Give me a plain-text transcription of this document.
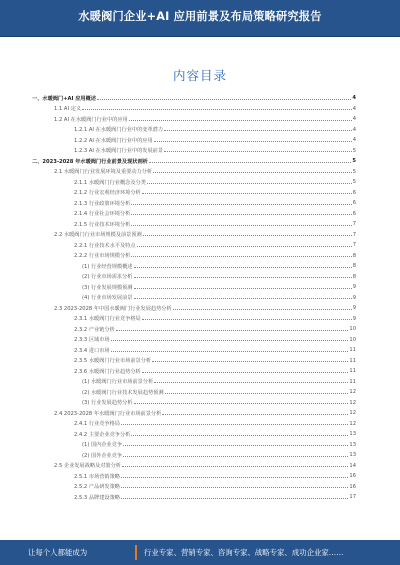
水暖阀门企业+AI 应用前景及布局策略研究报告
内容目录
一、水暖阀门+AI 应用概述	4
1.1 AI 定义	4
1.2 AI 在水暖阀门行业中的应用	4
1.2.1 AI 在水暖阀门行业中的变革潜力	4
1.2.2 AI 在水暖阀门行业中的应用	4
1.2.3 AI 在水暖阀门行业中的发展前景	5
二、2023-2028 年水暖阀门行业前景及现状剖析	5
2.1 水暖阀门行业发展环境及重要动力分析	5
2.1.1 水暖阀门行业概念及分类	5
2.1.2 行业宏观经济环境分析	6
2.1.3 行业政策环境分析	6
2.1.4 行业社会环境分析	6
2.1.5 行业技术环境分析	7
2.2 水暖阀门行业市场规模及前景预测	7
2.2.1 行业技术水平及特点	7
2.2.2 行业市场规模分析	8
(1) 行业经营规模概述	8
(2) 行业市场需求分析	8
(3) 行业发展规模预测	9
(4) 行业市场发展前景	9
2.3 2023-2028 年中国水暖阀门行业发展趋势分析	9
2.3.1 水暖阀门行业竞争格局	9
2.3.2 产业链分析	10
2.3.3 区域市场	10
2.3.4 进口市场	11
2.3.5 水暖阀门行业市场前景分析	11
2.3.6 水暖阀门行业趋势分析	11
(1) 水暖阀门行业市场前景分析	11
(2) 水暖阀门行业技术发展趋势预测	12
(3) 行业发展趋势分析	12
2.4 2023-2028 年水暖阀门行业市场前景分析	12
2.4.1 行业竞争格局	12
2.4.2 主要企业竞争分析	13
(1) 国内企业竞争	13
(2) 国外企业竞争	13
2.5 企业发展战略及对策分析	14
2.5.1 市场营销策略	16
2.5.2 产品研发策略	16
2.5.3 品牌建设策略	17
让每个人都能成为	行业专家、营销专家、咨询专家、战略专家、成功企业家……
